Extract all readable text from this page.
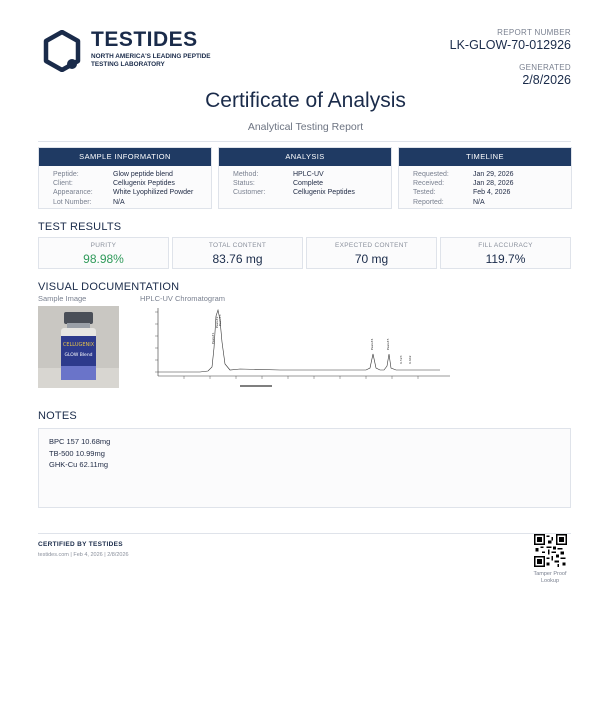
TESTIDES
NORTH AMERICA'S LEADING PEPTIDE TESTING LABORATORY
REPORT NUMBER
LK-GLOW-70-012926
GENERATED
2/8/2026
Certificate of Analysis
Analytical Testing Report
SAMPLE INFORMATION
Peptide:	Glow peptide blend
Client:	Cellugenix Peptides
Appearance:	White Lyophilized Powder
Lot Number:	N/A
ANALYSIS
Method:	HPLC-UV
Status:	Complete
Customer:	Cellugenix Peptides
TIMELINE
Requested:	Jan 29, 2026
Received:	Jan 28, 2026
Tested:	Feb 4, 2026
Reported:	N/A
TEST RESULTS
PURITY
98.98%
TOTAL CONTENT
83.76 mg
EXPECTED CONTENT
70 mg
FILL ACCURACY
119.7%
VISUAL DOCUMENTATION
Sample Image	HPLC-UV Chromatogram
CELLUGENIX
GLOW Blend
Peak#1
Peak#2 Peak#3
Peak#4	Peak#5
6.523 6.642
NOTES
BPC 157 10.68mg
TB-500 10.99mg
GHK-Cu 62.11mg
CERTIFIED BY TESTIDES
testides.com | Feb 4, 2026 | 2/8/2026
Tamper Proof
Lookup
